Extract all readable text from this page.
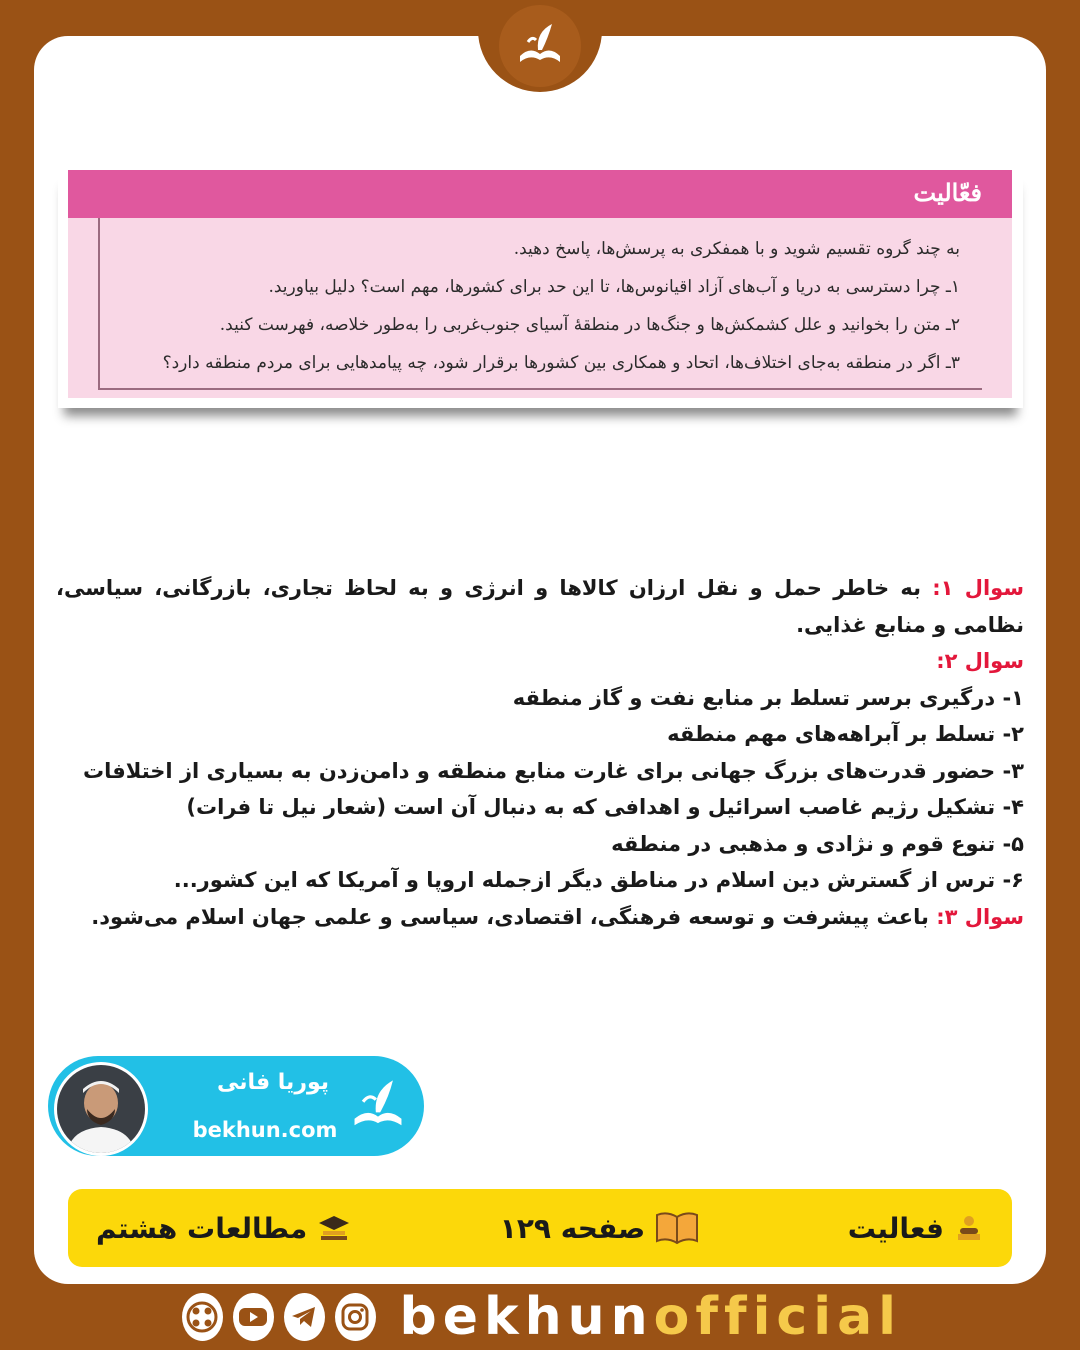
فعّالیت
به چند گروه تقسیم شوید و با همفکری به پرسش‌ها، پاسخ دهید.
۱ـ چرا دسترسی به دریا و آب‌های آزاد اقیانوس‌ها، تا این حد برای کشورها، مهم است؟ دلیل بیاورید.
۲ـ متن را بخوانید و علل کشمکش‌ها و جنگ‌ها در منطقهٔ آسیای جنوب‌غربی را به‌طور خلاصه، فهرست کنید.
۳ـ اگر در منطقه به‌جای اختلاف‌ها، اتحاد و همکاری بین کشورها برقرار شود، چه پیامدهایی برای مردم منطقه دارد؟

سوال ۱: به خاطر حمل و نقل ارزان کالاها و انرژی و به لحاظ تجاری، بازرگانی، سیاسی، نظامی و منابع غذایی.

سوال ۲:

۱- درگیری برسر تسلط بر منابع نفت و گاز منطقه

۲- تسلط بر آبراهه‌های مهم منطقه

۳- حضور قدرت‌های بزرگ جهانی برای غارت منابع منطقه و دامن‌زدن به بسیاری از اختلافات

۴- تشکیل رژیم غاصب اسرائیل و اهدافی که به دنبال آن است (شعار نیل تا فرات)

۵- تنوع قوم و نژادی و مذهبی در منطقه

۶- ترس از گسترش دین اسلام در مناطق دیگر ازجمله اروپا و آمریکا که این کشور...

سوال ۳: باعث پیشرفت و توسعه فرهنگی، اقتصادی، سیاسی و علمی جهان اسلام می‌شود.

پوریا فانی
bekhun.com
فعالیت
صفحه ۱۲۹
مطالعات هشتم
bekhunofficial
